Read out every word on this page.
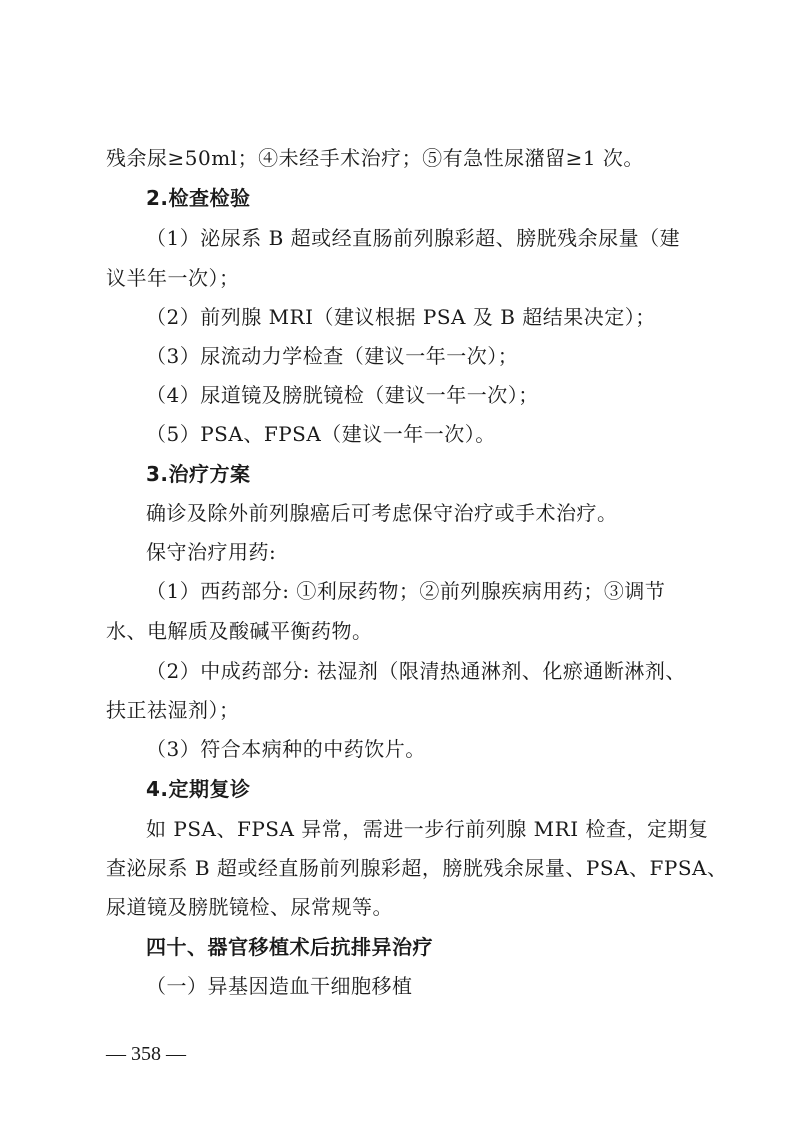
残余尿≥50ml；④未经手术治疗；⑤有急性尿潴留≥1 次。
2.检查检验
（1）泌尿系 B 超或经直肠前列腺彩超、膀胱残余尿量（建
议半年一次）；
（2）前列腺 MRI（建议根据 PSA 及 B 超结果决定）；
（3）尿流动力学检查（建议一年一次）；
（4）尿道镜及膀胱镜检（建议一年一次）；
（5）PSA、FPSA（建议一年一次）。
3.治疗方案
确诊及除外前列腺癌后可考虑保守治疗或手术治疗。
保守治疗用药:
（1）西药部分: ①利尿药物；②前列腺疾病用药；③调节
水、电解质及酸碱平衡药物。
（2）中成药部分: 祛湿剂（限清热通淋剂、化瘀通断淋剂、
扶正祛湿剂）；
（3）符合本病种的中药饮片。
4.定期复诊
如 PSA、FPSA 异常，需进一步行前列腺 MRI 检查，定期复
查泌尿系 B 超或经直肠前列腺彩超，膀胱残余尿量、PSA、FPSA、
尿道镜及膀胱镜检、尿常规等。
四十、器官移植术后抗排异治疗
（一）异基因造血干细胞移植
— 358 —
